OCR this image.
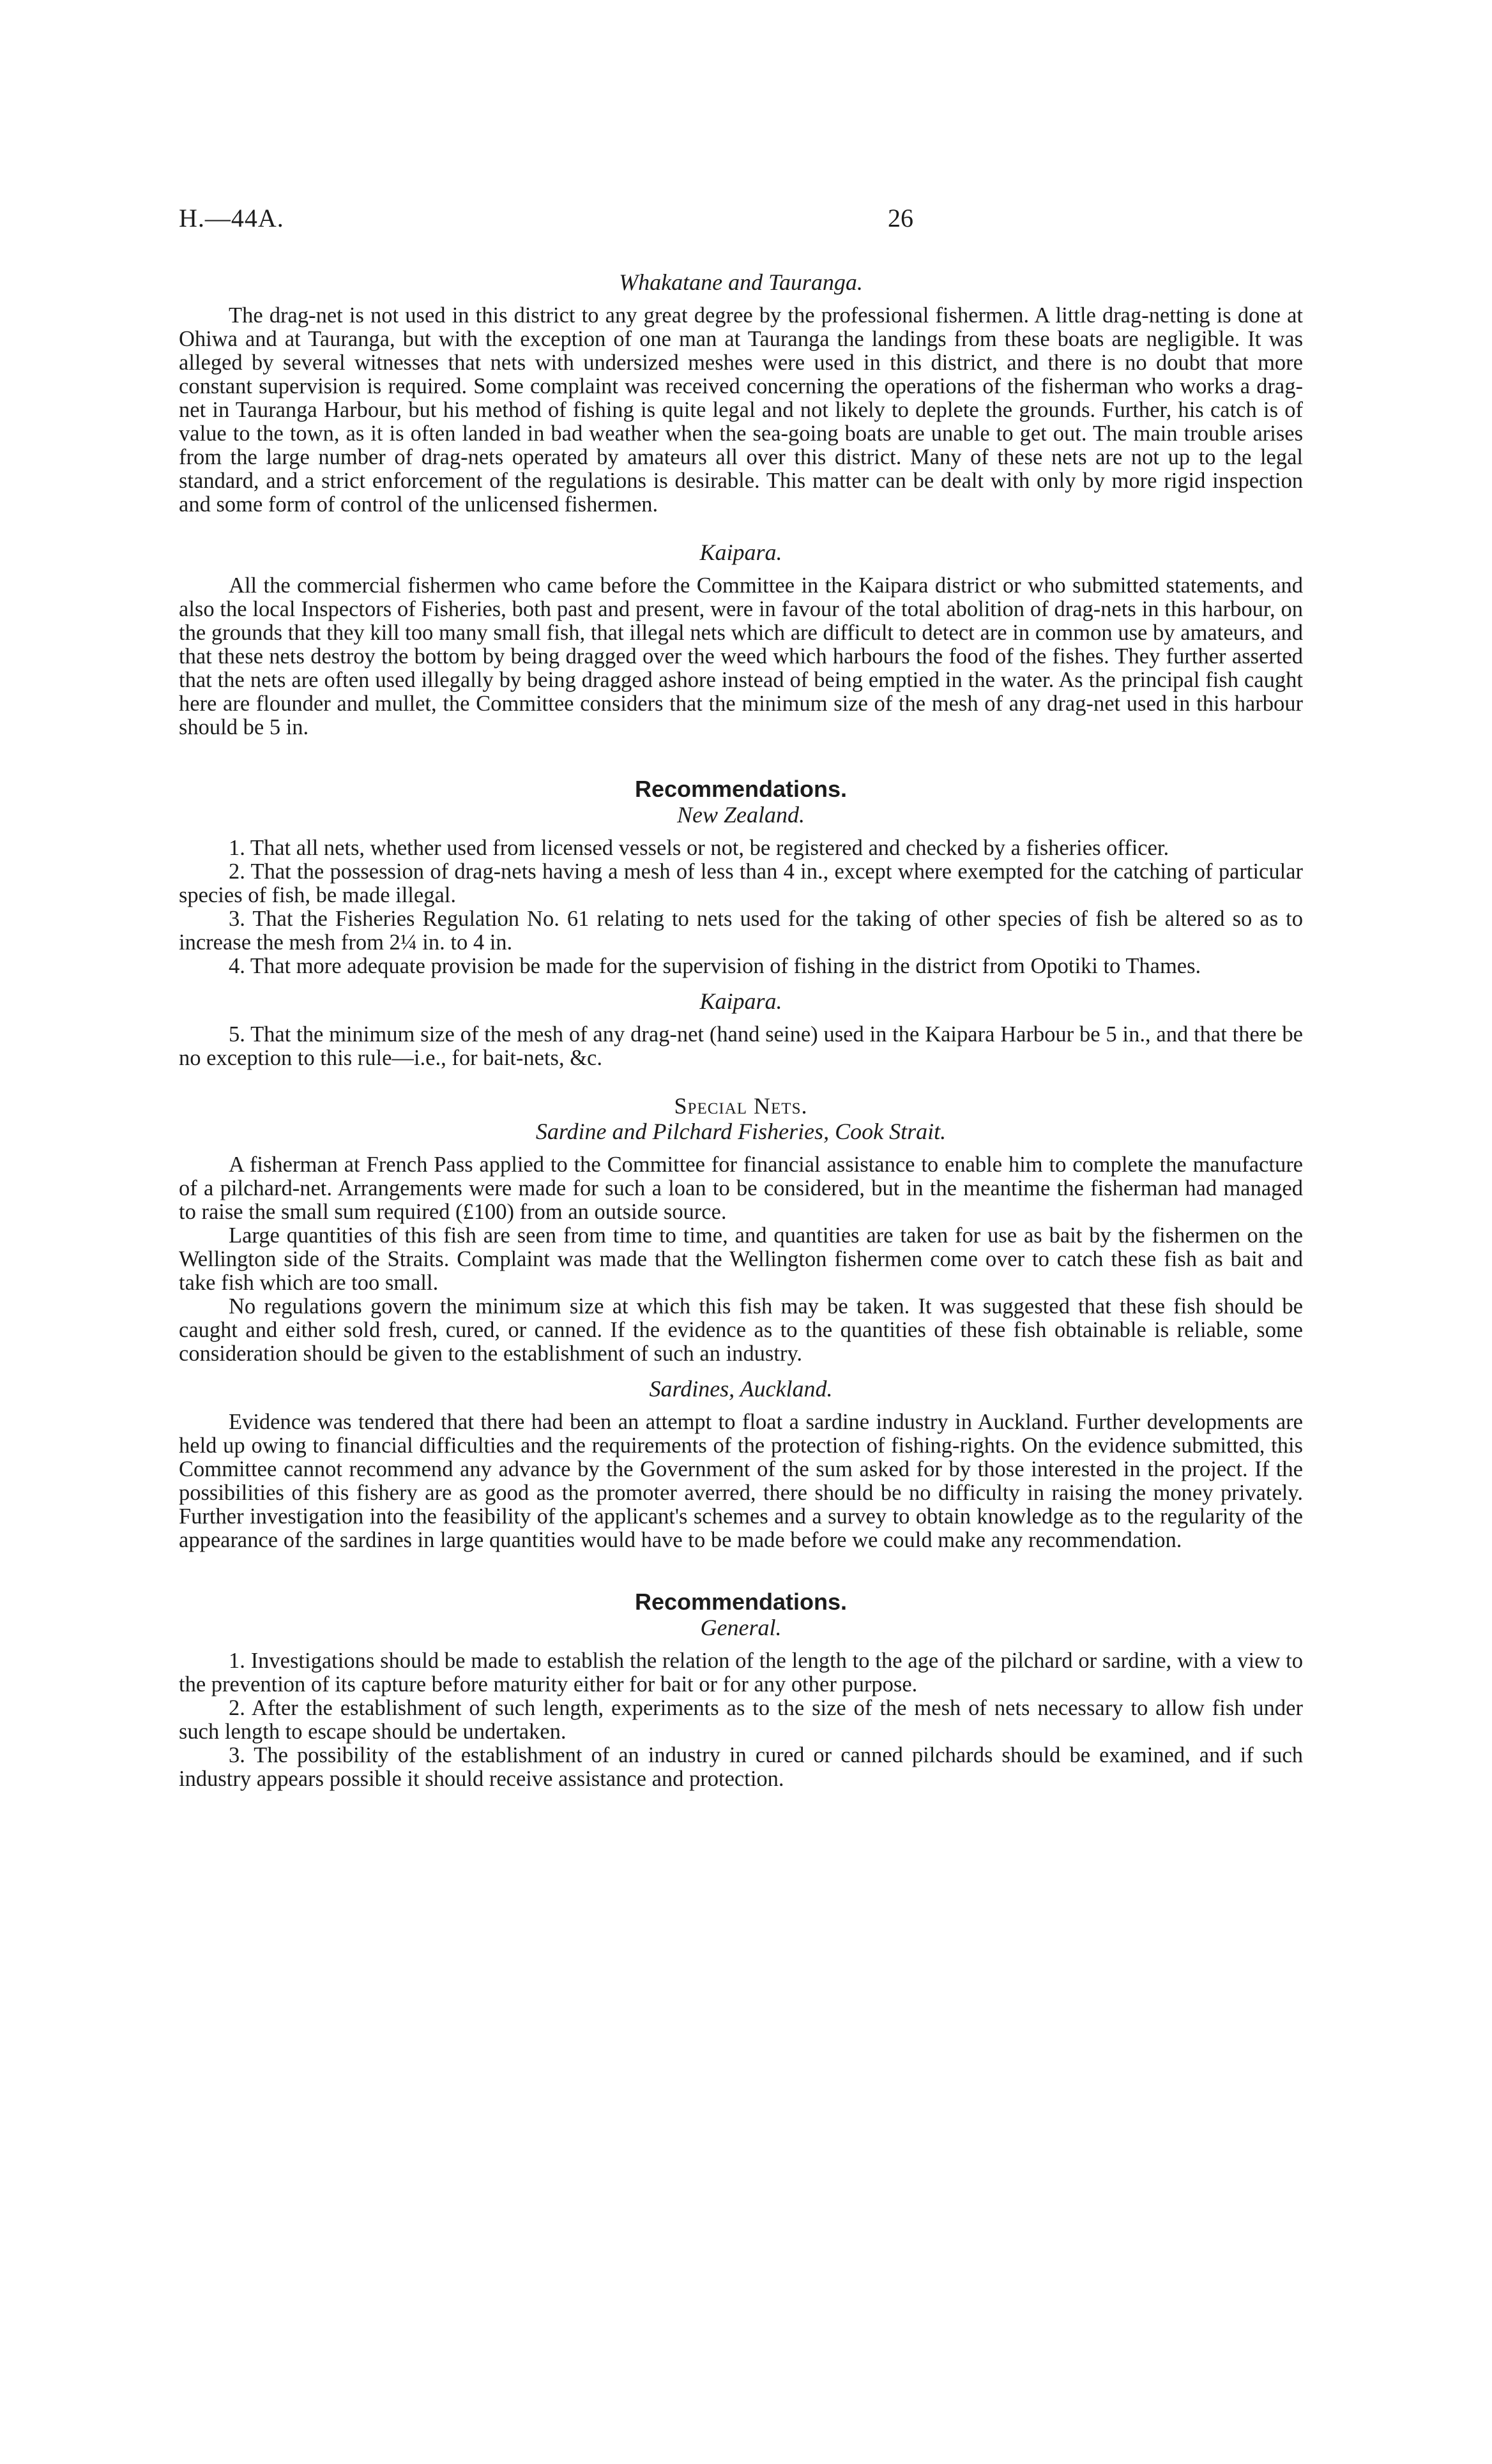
H.—44A.	26
Whakatane and Tauranga.

The drag-net is not used in this district to any great degree by the professional fishermen. A little drag-netting is done at Ohiwa and at Tauranga, but with the exception of one man at Tauranga the landings from these boats are negligible. It was alleged by several witnesses that nets with undersized meshes were used in this district, and there is no doubt that more constant supervision is required. Some complaint was received concerning the operations of the fisherman who works a drag-net in Tauranga Harbour, but his method of fishing is quite legal and not likely to deplete the grounds. Further, his catch is of value to the town, as it is often landed in bad weather when the sea-going boats are unable to get out. The main trouble arises from the large number of drag-nets operated by amateurs all over this district. Many of these nets are not up to the legal standard, and a strict enforcement of the regulations is desirable. This matter can be dealt with only by more rigid inspection and some form of control of the unlicensed fishermen.

Kaipara.

All the commercial fishermen who came before the Committee in the Kaipara district or who submitted statements, and also the local Inspectors of Fisheries, both past and present, were in favour of the total abolition of drag-nets in this harbour, on the grounds that they kill too many small fish, that illegal nets which are difficult to detect are in common use by amateurs, and that these nets destroy the bottom by being dragged over the weed which harbours the food of the fishes. They further asserted that the nets are often used illegally by being dragged ashore instead of being emptied in the water. As the principal fish caught here are flounder and mullet, the Committee considers that the minimum size of the mesh of any drag-net used in this harbour should be 5 in.

Recommendations.
New Zealand.

1. That all nets, whether used from licensed vessels or not, be registered and checked by a fisheries officer.

2. That the possession of drag-nets having a mesh of less than 4 in., except where exempted for the catching of particular species of fish, be made illegal.

3. That the Fisheries Regulation No. 61 relating to nets used for the taking of other species of fish be altered so as to increase the mesh from 2¼ in. to 4 in.

4. That more adequate provision be made for the supervision of fishing in the district from Opotiki to Thames.

Kaipara.

5. That the minimum size of the mesh of any drag-net (hand seine) used in the Kaipara Harbour be 5 in., and that there be no exception to this rule—i.e., for bait-nets, &c.

Special Nets.
Sardine and Pilchard Fisheries, Cook Strait.

A fisherman at French Pass applied to the Committee for financial assistance to enable him to complete the manufacture of a pilchard-net. Arrangements were made for such a loan to be considered, but in the meantime the fisherman had managed to raise the small sum required (£100) from an outside source.

Large quantities of this fish are seen from time to time, and quantities are taken for use as bait by the fishermen on the Wellington side of the Straits. Complaint was made that the Wellington fishermen come over to catch these fish as bait and take fish which are too small.

No regulations govern the minimum size at which this fish may be taken. It was suggested that these fish should be caught and either sold fresh, cured, or canned. If the evidence as to the quantities of these fish obtainable is reliable, some consideration should be given to the establishment of such an industry.

Sardines, Auckland.

Evidence was tendered that there had been an attempt to float a sardine industry in Auckland. Further developments are held up owing to financial difficulties and the requirements of the protection of fishing-rights. On the evidence submitted, this Committee cannot recommend any advance by the Government of the sum asked for by those interested in the project. If the possibilities of this fishery are as good as the promoter averred, there should be no difficulty in raising the money privately. Further investigation into the feasibility of the applicant's schemes and a survey to obtain knowledge as to the regularity of the appearance of the sardines in large quantities would have to be made before we could make any recommendation.

Recommendations.
General.

1. Investigations should be made to establish the relation of the length to the age of the pilchard or sardine, with a view to the prevention of its capture before maturity either for bait or for any other purpose.

2. After the establishment of such length, experiments as to the size of the mesh of nets necessary to allow fish under such length to escape should be undertaken.

3. The possibility of the establishment of an industry in cured or canned pilchards should be examined, and if such industry appears possible it should receive assistance and protection.
